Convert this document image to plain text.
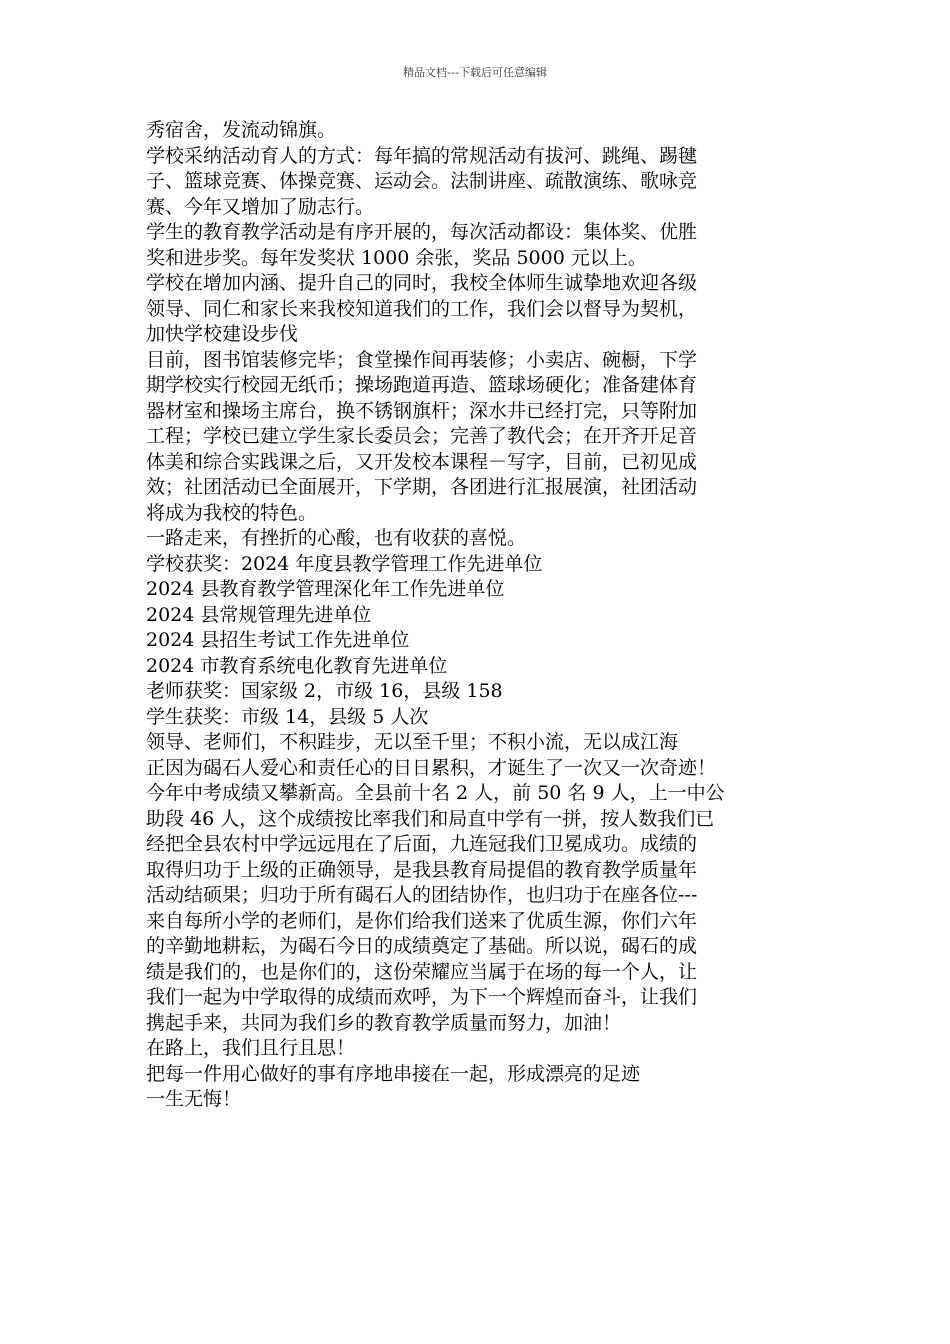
精品文档---下载后可任意编辑
秀宿舍，发流动锦旗。
学校采纳活动育人的方式：每年搞的常规活动有拔河、跳绳、踢毽
子、篮球竞赛、体操竞赛、运动会。法制讲座、疏散演练、歌咏竞
赛、今年又增加了励志行。
学生的教育教学活动是有序开展的，每次活动都设：集体奖、优胜
奖和进步奖。每年发奖状 1000 余张，奖品 5000 元以上。
学校在增加内涵、提升自己的同时，我校全体师生诚挚地欢迎各级
领导、同仁和家长来我校知道我们的工作，我们会以督导为契机，
加快学校建设步伐
目前，图书馆装修完毕；食堂操作间再装修；小卖店、碗橱，下学
期学校实行校园无纸币；操场跑道再造、篮球场硬化；准备建体育
器材室和操场主席台，换不锈钢旗杆；深水井已经打完，只等附加
工程；学校已建立学生家长委员会；完善了教代会；在开齐开足音
体美和综合实践课之后，又开发校本课程－写字，目前，已初见成
效；社团活动已全面展开，下学期，各团进行汇报展演，社团活动
将成为我校的特色。
一路走来，有挫折的心酸，也有收获的喜悦。
学校获奖：2024 年度县教学管理工作先进单位
2024 县教育教学管理深化年工作先进单位
2024 县常规管理先进单位
2024 县招生考试工作先进单位
2024 市教育系统电化教育先进单位
老师获奖：国家级 2，市级 16，县级 158
学生获奖：市级 14，县级 5 人次
领导、老师们，不积跬步，无以至千里；不积小流，无以成江海
正因为碣石人爱心和责任心的日日累积，才诞生了一次又一次奇迹！
今年中考成绩又攀新高。全县前十名 2 人，前 50 名 9 人，上一中公
助段 46 人，这个成绩按比率我们和局直中学有一拼，按人数我们已
经把全县农村中学远远甩在了后面，九连冠我们卫冕成功。成绩的
取得归功于上级的正确领导，是我县教育局提倡的教育教学质量年
活动结硕果；归功于所有碣石人的团结协作，也归功于在座各位---
来自每所小学的老师们，是你们给我们送来了优质生源，你们六年
的辛勤地耕耘，为碣石今日的成绩奠定了基础。所以说，碣石的成
绩是我们的，也是你们的，这份荣耀应当属于在场的每一个人，让
我们一起为中学取得的成绩而欢呼，为下一个辉煌而奋斗，让我们
携起手来，共同为我们乡的教育教学质量而努力，加油！
在路上，我们且行且思！
把每一件用心做好的事有序地串接在一起，形成漂亮的足迹
一生无悔！
